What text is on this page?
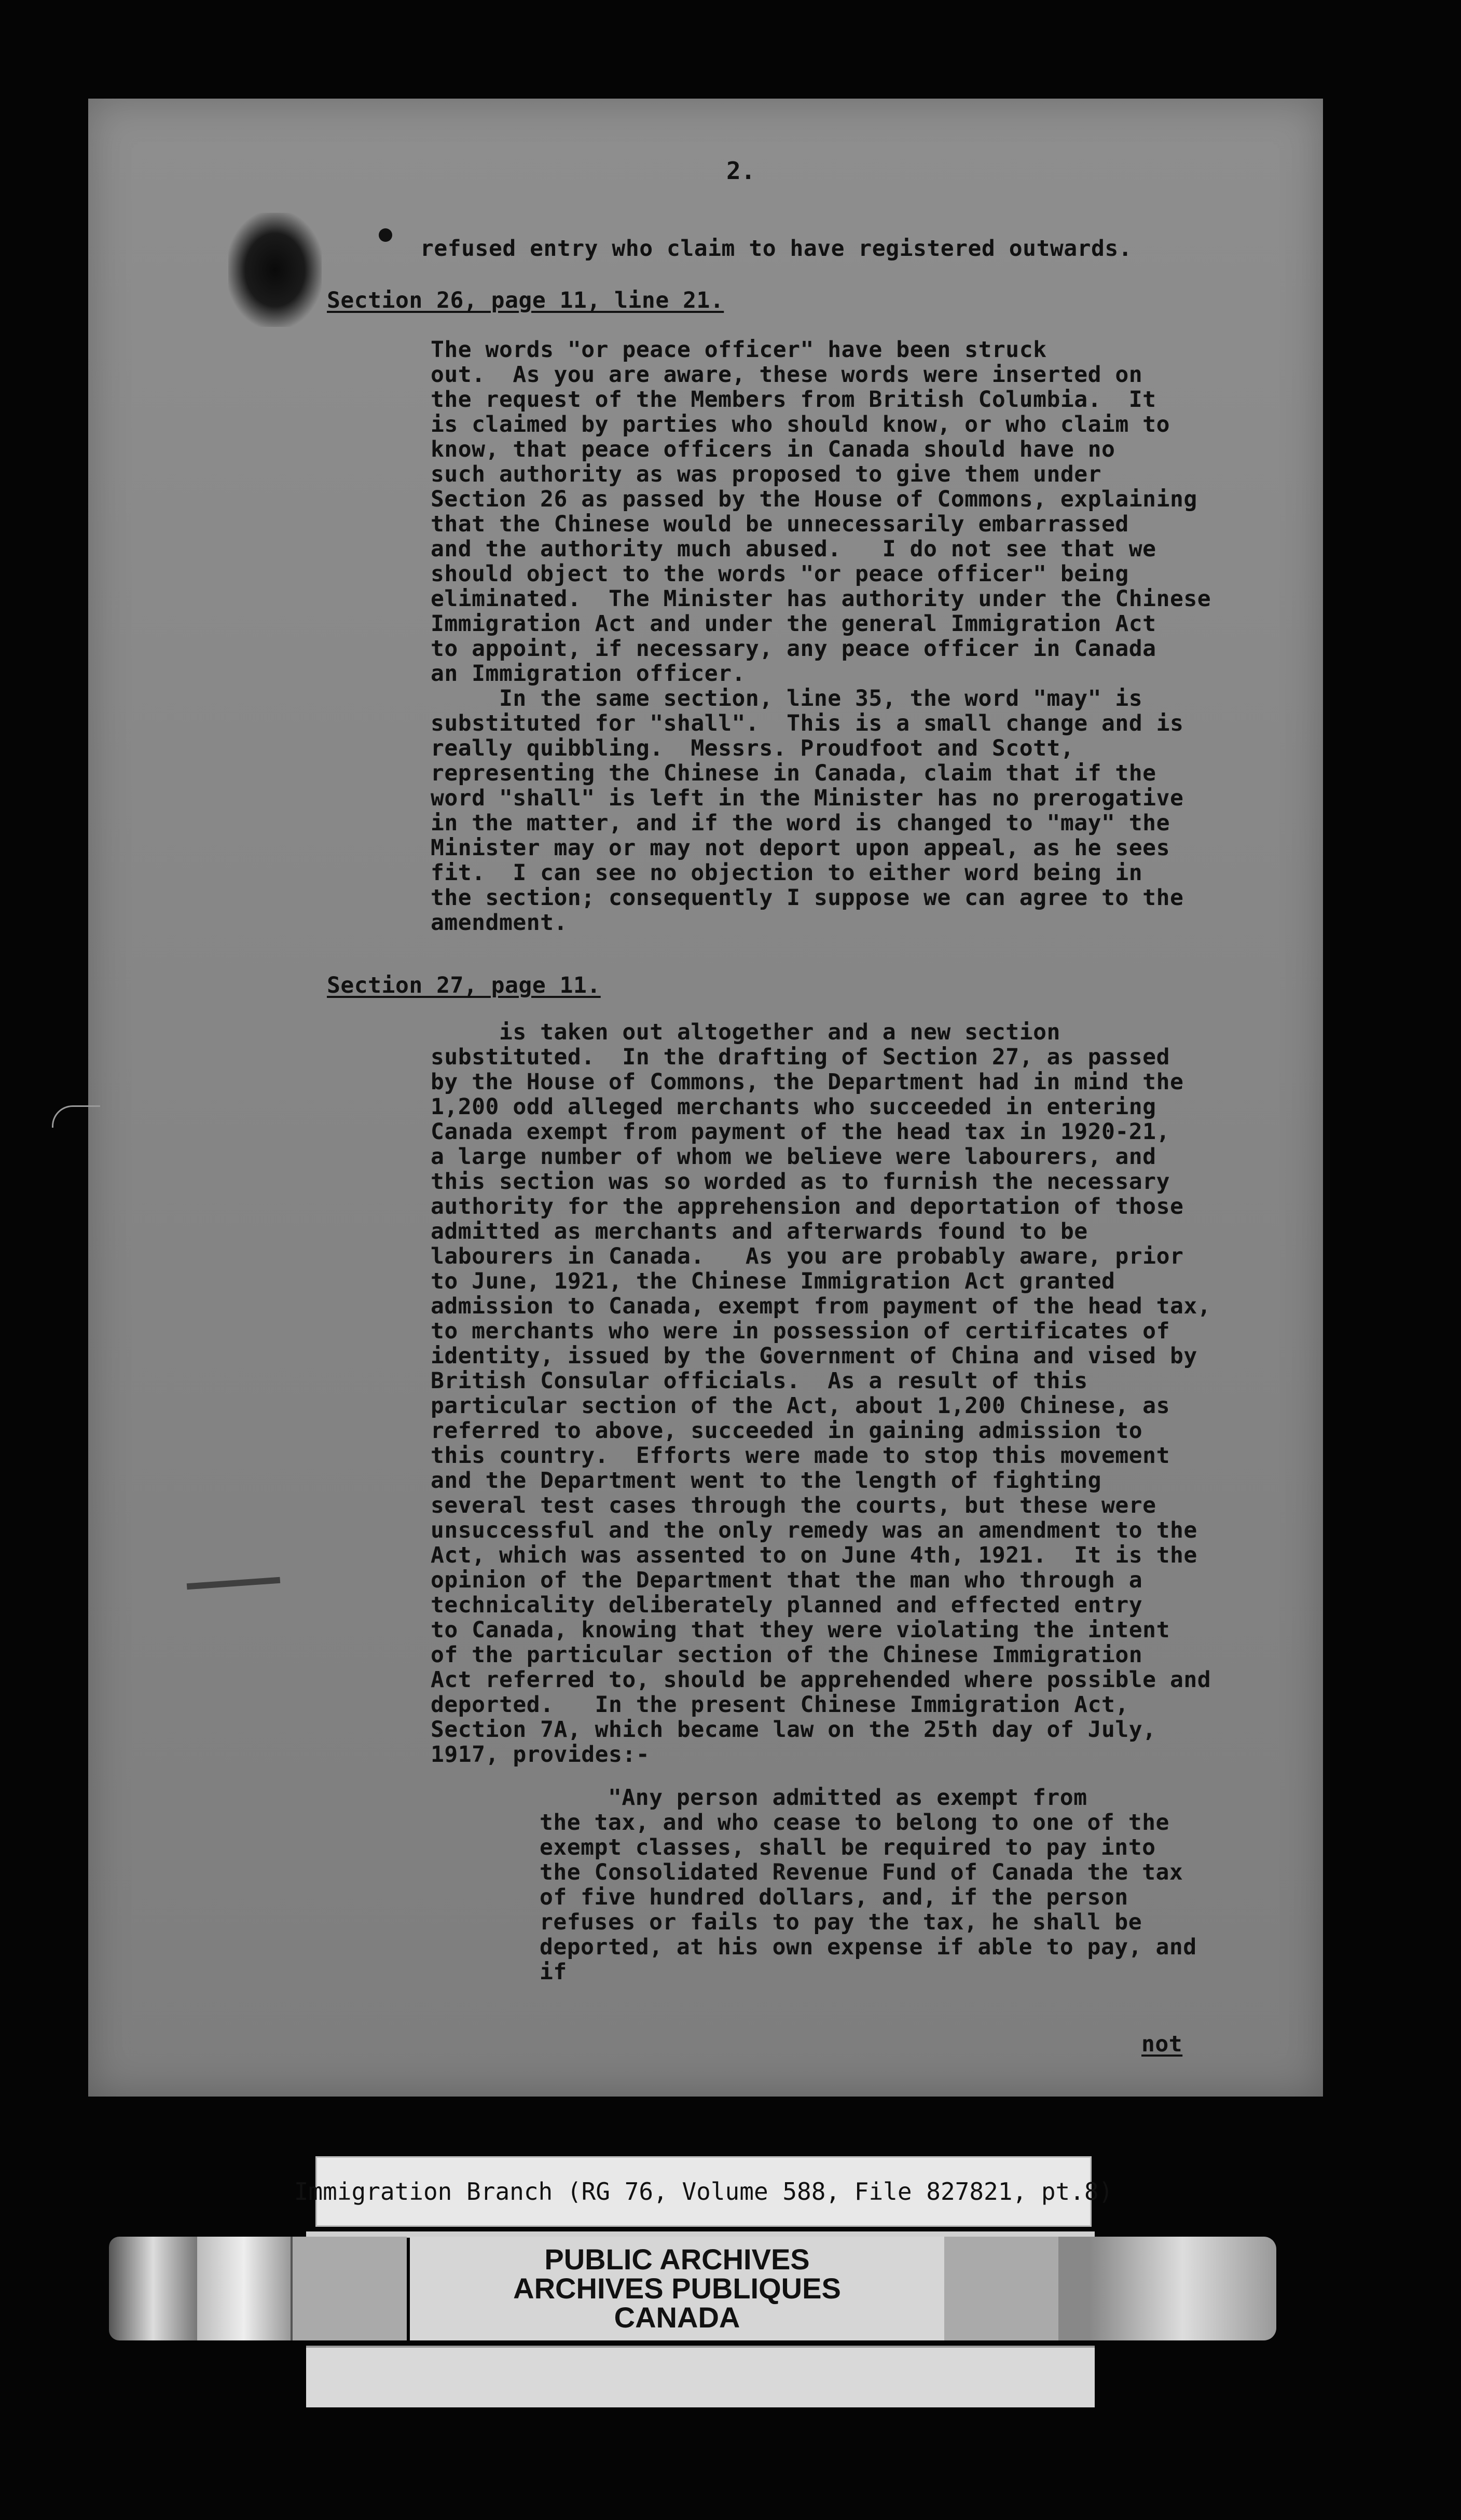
2.
refused entry who claim to have registered outwards.
Section 26, page 11, line 21.
The words "or peace officer" have been struck
out.  As you are aware, these words were inserted on
the request of the Members from British Columbia.  It
is claimed by parties who should know, or who claim to
know, that peace officers in Canada should have no
such authority as was proposed to give them under
Section 26 as passed by the House of Commons, explaining
that the Chinese would be unnecessarily embarrassed
and the authority much abused.   I do not see that we
should object to the words "or peace officer" being
eliminated.  The Minister has authority under the Chinese
Immigration Act and under the general Immigration Act
to appoint, if necessary, any peace officer in Canada
an Immigration officer.
In the same section, line 35, the word "may" is
substituted for "shall".  This is a small change and is
really quibbling.  Messrs. Proudfoot and Scott,
representing the Chinese in Canada, claim that if the
word "shall" is left in the Minister has no prerogative
in the matter, and if the word is changed to "may" the
Minister may or may not deport upon appeal, as he sees
fit.  I can see no objection to either word being in
the section; consequently I suppose we can agree to the
amendment.
Section 27, page 11.
is taken out altogether and a new section
substituted.  In the drafting of Section 27, as passed
by the House of Commons, the Department had in mind the
1,200 odd alleged merchants who succeeded in entering
Canada exempt from payment of the head tax in 1920-21,
a large number of whom we believe were labourers, and
this section was so worded as to furnish the necessary
authority for the apprehension and deportation of those
admitted as merchants and afterwards found to be
labourers in Canada.   As you are probably aware, prior
to June, 1921, the Chinese Immigration Act granted
admission to Canada, exempt from payment of the head tax,
to merchants who were in possession of certificates of
identity, issued by the Government of China and vised by
British Consular officials.  As a result of this
particular section of the Act, about 1,200 Chinese, as
referred to above, succeeded in gaining admission to
this country.  Efforts were made to stop this movement
and the Department went to the length of fighting
several test cases through the courts, but these were
unsuccessful and the only remedy was an amendment to the
Act, which was assented to on June 4th, 1921.  It is the
opinion of the Department that the man who through a
technicality deliberately planned and effected entry
to Canada, knowing that they were violating the intent
of the particular section of the Chinese Immigration
Act referred to, should be apprehended where possible and
deported.   In the present Chinese Immigration Act,
Section 7A, which became law on the 25th day of July,
1917, provides:-
"Any person admitted as exempt from
the tax, and who cease to belong to one of the
exempt classes, shall be required to pay into
the Consolidated Revenue Fund of Canada the tax
of five hundred dollars, and, if the person
refuses or fails to pay the tax, he shall be
deported, at his own expense if able to pay, and
if
not
Immigration Branch (RG 76, Volume 588, File 827821, pt.8)
PUBLIC ARCHIVES
ARCHIVES PUBLIQUES
CANADA
